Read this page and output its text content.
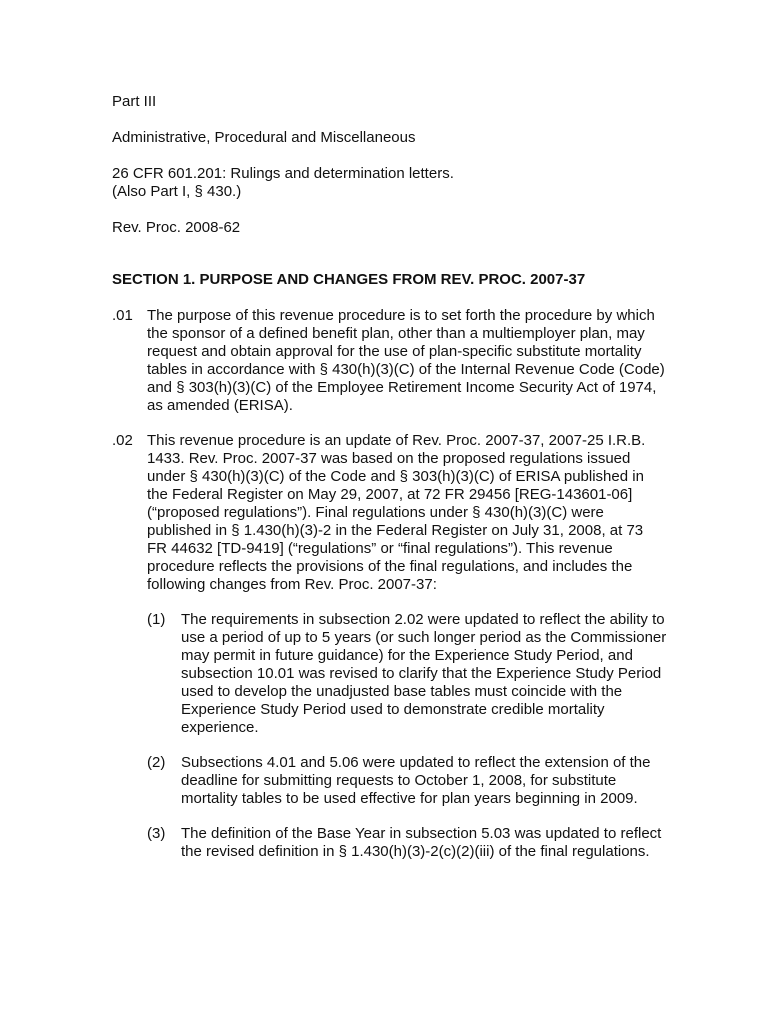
Part III
Administrative, Procedural and Miscellaneous
26 CFR 601.201: Rulings and determination letters.
(Also Part I, § 430.)
Rev. Proc. 2008-62
SECTION 1. PURPOSE AND CHANGES FROM REV. PROC. 2007-37
.01 The purpose of this revenue procedure is to set forth the procedure by which the sponsor of a defined benefit plan, other than a multiemployer plan, may request and obtain approval for the use of plan-specific substitute mortality tables in accordance with § 430(h)(3)(C) of the Internal Revenue Code (Code) and § 303(h)(3)(C) of the Employee Retirement Income Security Act of 1974, as amended (ERISA).
.02 This revenue procedure is an update of Rev. Proc. 2007-37, 2007-25 I.R.B. 1433. Rev. Proc. 2007-37 was based on the proposed regulations issued under § 430(h)(3)(C) of the Code and § 303(h)(3)(C) of ERISA published in the Federal Register on May 29, 2007, at 72 FR 29456 [REG-143601-06] (“proposed regulations”). Final regulations under § 430(h)(3)(C) were published in § 1.430(h)(3)-2 in the Federal Register on July 31, 2008, at 73 FR 44632 [TD-9419] (“regulations” or “final regulations”). This revenue procedure reflects the provisions of the final regulations, and includes the following changes from Rev. Proc. 2007-37:
(1) The requirements in subsection 2.02 were updated to reflect the ability to use a period of up to 5 years (or such longer period as the Commissioner may permit in future guidance) for the Experience Study Period, and subsection 10.01 was revised to clarify that the Experience Study Period used to develop the unadjusted base tables must coincide with the Experience Study Period used to demonstrate credible mortality experience.
(2) Subsections 4.01 and 5.06 were updated to reflect the extension of the deadline for submitting requests to October 1, 2008, for substitute mortality tables to be used effective for plan years beginning in 2009.
(3) The definition of the Base Year in subsection 5.03 was updated to reflect the revised definition in § 1.430(h)(3)-2(c)(2)(iii) of the final regulations.
